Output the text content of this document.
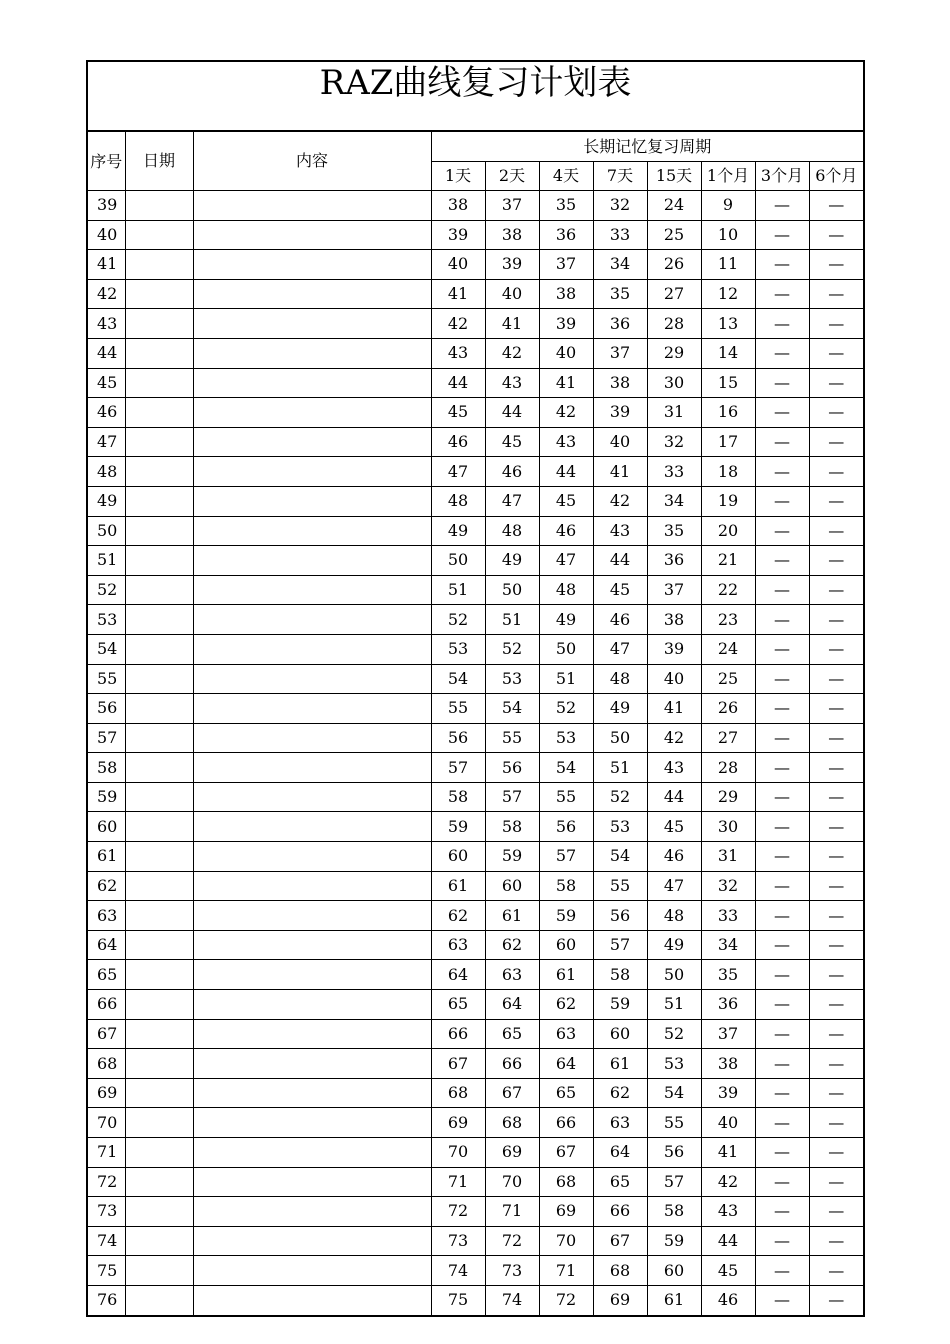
RAZ曲线复习计划表										
序号	日期	内容	长期记忆复习周期							
			1天	2天	4天	7天	15天	1个月	3个月	6个月
39			38	37	35	32	24	9	—	—
40			39	38	36	33	25	10	—	—
41			40	39	37	34	26	11	—	—
42			41	40	38	35	27	12	—	—
43			42	41	39	36	28	13	—	—
44			43	42	40	37	29	14	—	—
45			44	43	41	38	30	15	—	—
46			45	44	42	39	31	16	—	—
47			46	45	43	40	32	17	—	—
48			47	46	44	41	33	18	—	—
49			48	47	45	42	34	19	—	—
50			49	48	46	43	35	20	—	—
51			50	49	47	44	36	21	—	—
52			51	50	48	45	37	22	—	—
53			52	51	49	46	38	23	—	—
54			53	52	50	47	39	24	—	—
55			54	53	51	48	40	25	—	—
56			55	54	52	49	41	26	—	—
57			56	55	53	50	42	27	—	—
58			57	56	54	51	43	28	—	—
59			58	57	55	52	44	29	—	—
60			59	58	56	53	45	30	—	—
61			60	59	57	54	46	31	—	—
62			61	60	58	55	47	32	—	—
63			62	61	59	56	48	33	—	—
64			63	62	60	57	49	34	—	—
65			64	63	61	58	50	35	—	—
66			65	64	62	59	51	36	—	—
67			66	65	63	60	52	37	—	—
68			67	66	64	61	53	38	—	—
69			68	67	65	62	54	39	—	—
70			69	68	66	63	55	40	—	—
71			70	69	67	64	56	41	—	—
72			71	70	68	65	57	42	—	—
73			72	71	69	66	58	43	—	—
74			73	72	70	67	59	44	—	—
75			74	73	71	68	60	45	—	—
76			75	74	72	69	61	46	—	—
